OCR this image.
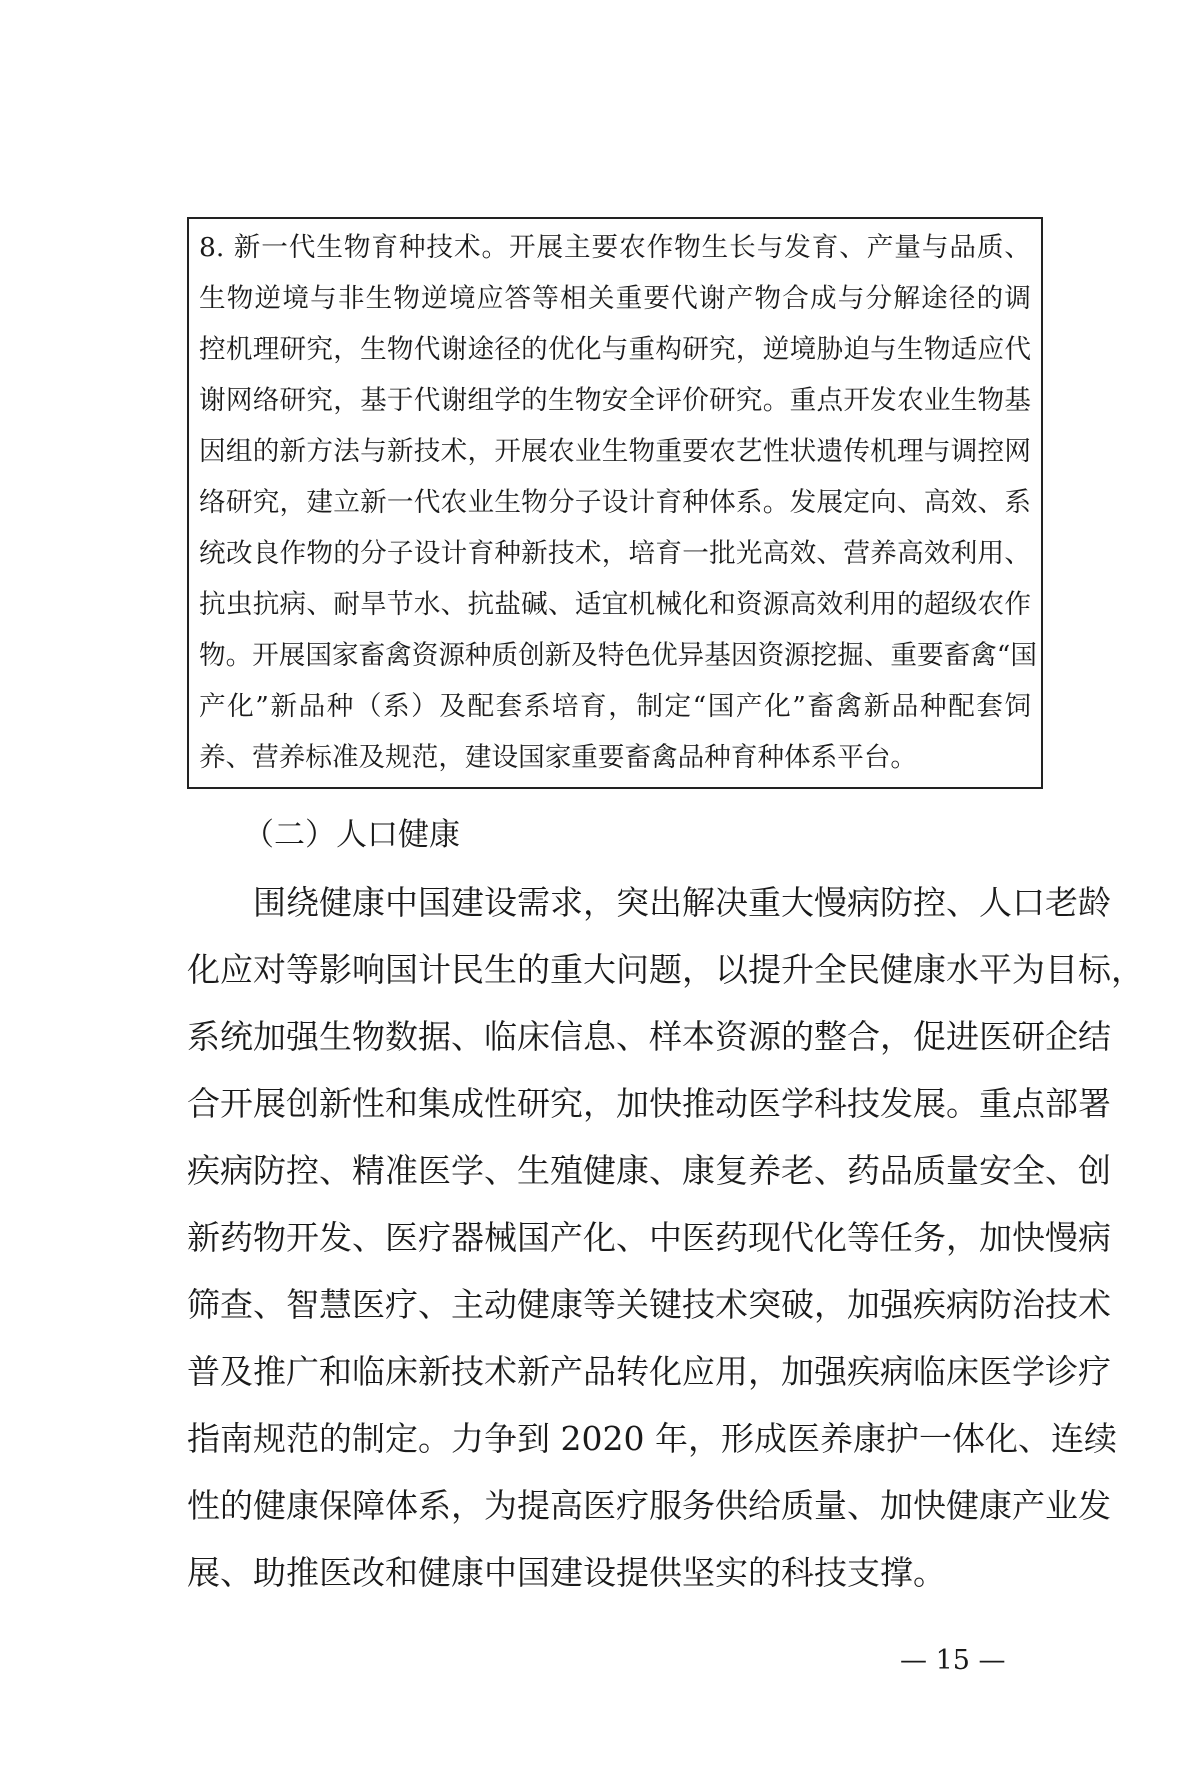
8. 新一代生物育种技术。开展主要农作物生长与发育、产量与品质、
生物逆境与非生物逆境应答等相关重要代谢产物合成与分解途径的调
控机理研究，生物代谢途径的优化与重构研究，逆境胁迫与生物适应代
谢网络研究，基于代谢组学的生物安全评价研究。重点开发农业生物基
因组的新方法与新技术，开展农业生物重要农艺性状遗传机理与调控网
络研究，建立新一代农业生物分子设计育种体系。发展定向、高效、系
统改良作物的分子设计育种新技术，培育一批光高效、营养高效利用、
抗虫抗病、耐旱节水、抗盐碱、适宜机械化和资源高效利用的超级农作
物。开展国家畜禽资源种质创新及特色优异基因资源挖掘、重要畜禽“国
产化”新品种（系）及配套系培育，制定“国产化”畜禽新品种配套饲
养、营养标准及规范，建设国家重要畜禽品种育种体系平台。
（二）人口健康
　　围绕健康中国建设需求，突出解决重大慢病防控、人口老龄
化应对等影响国计民生的重大问题，以提升全民健康水平为目标，
系统加强生物数据、临床信息、样本资源的整合，促进医研企结
合开展创新性和集成性研究，加快推动医学科技发展。重点部署
疾病防控、精准医学、生殖健康、康复养老、药品质量安全、创
新药物开发、医疗器械国产化、中医药现代化等任务，加快慢病
筛查、智慧医疗、主动健康等关键技术突破，加强疾病防治技术
普及推广和临床新技术新产品转化应用，加强疾病临床医学诊疗
指南规范的制定。力争到 2020 年，形成医养康护一体化、连续
性的健康保障体系，为提高医疗服务供给质量、加快健康产业发
展、助推医改和健康中国建设提供坚实的科技支撑。
— 15 —
